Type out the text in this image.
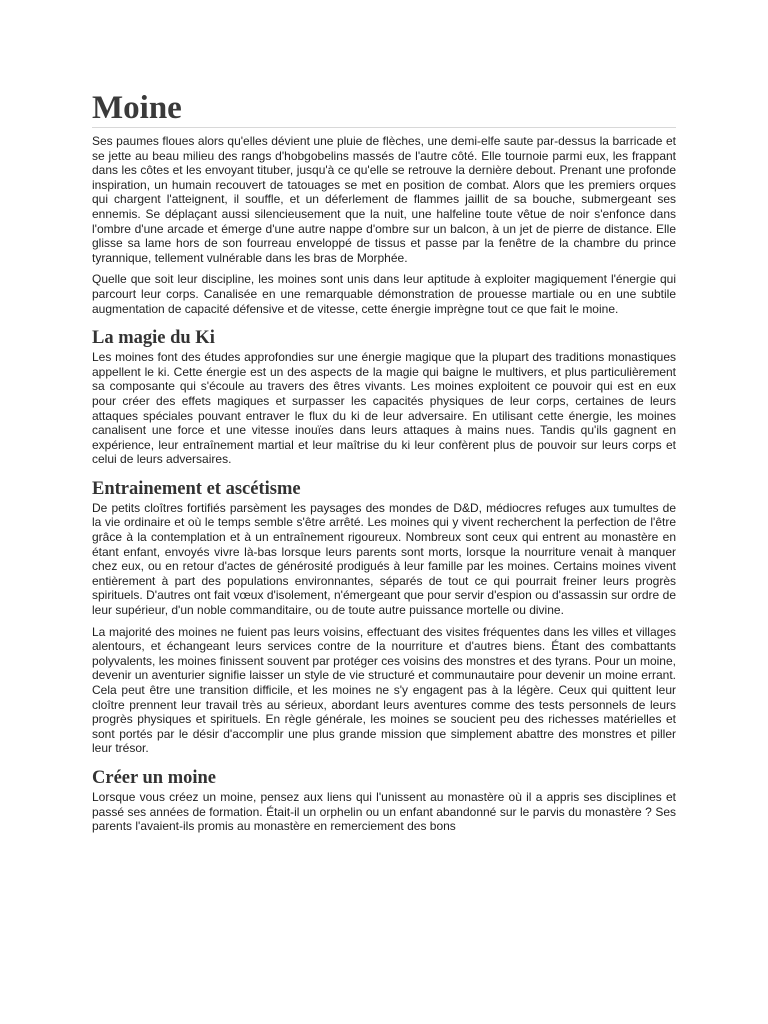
Moine

Ses paumes floues alors qu'elles dévient une pluie de flèches, une demi-elfe saute par-dessus la barricade et se jette au beau milieu des rangs d'hobgobelins massés de l'autre côté. Elle tournoie parmi eux, les frappant dans les côtes et les envoyant tituber, jusqu'à ce qu'elle se retrouve la dernière debout. Prenant une profonde inspiration, un humain recouvert de tatouages se met en position de combat. Alors que les premiers orques qui chargent l'atteignent, il souffle, et un déferlement de flammes jaillit de sa bouche, submergeant ses ennemis. Se déplaçant aussi silencieusement que la nuit, une halfeline toute vêtue de noir s'enfonce dans l'ombre d'une arcade et émerge d'une autre nappe d'ombre sur un balcon, à un jet de pierre de distance. Elle glisse sa lame hors de son fourreau enveloppé de tissus et passe par la fenêtre de la chambre du prince tyrannique, tellement vulnérable dans les bras de Morphée.

Quelle que soit leur discipline, les moines sont unis dans leur aptitude à exploiter magiquement l'énergie qui parcourt leur corps. Canalisée en une remarquable démonstration de prouesse martiale ou en une subtile augmentation de capacité défensive et de vitesse, cette énergie imprègne tout ce que fait le moine.

La magie du Ki

Les moines font des études approfondies sur une énergie magique que la plupart des traditions monastiques appellent le ki. Cette énergie est un des aspects de la magie qui baigne le multivers, et plus particulièrement sa composante qui s'écoule au travers des êtres vivants. Les moines exploitent ce pouvoir qui est en eux pour créer des effets magiques et surpasser les capacités physiques de leur corps, certaines de leurs attaques spéciales pouvant entraver le flux du ki de leur adversaire. En utilisant cette énergie, les moines canalisent une force et une vitesse inouïes dans leurs attaques à mains nues. Tandis qu'ils gagnent en expérience, leur entraînement martial et leur maîtrise du ki leur confèrent plus de pouvoir sur leurs corps et celui de leurs adversaires.

Entrainement et ascétisme

De petits cloîtres fortifiés parsèment les paysages des mondes de D&D, médiocres refuges aux tumultes de la vie ordinaire et où le temps semble s'être arrêté. Les moines qui y vivent recherchent la perfection de l'être grâce à la contemplation et à un entraînement rigoureux. Nombreux sont ceux qui entrent au monastère en étant enfant, envoyés vivre là-bas lorsque leurs parents sont morts, lorsque la nourriture venait à manquer chez eux, ou en retour d'actes de générosité prodigués à leur famille par les moines. Certains moines vivent entièrement à part des populations environnantes, séparés de tout ce qui pourrait freiner leurs progrès spirituels. D'autres ont fait vœux d'isolement, n'émergeant que pour servir d'espion ou d'assassin sur ordre de leur supérieur, d'un noble commanditaire, ou de toute autre puissance mortelle ou divine.

La majorité des moines ne fuient pas leurs voisins, effectuant des visites fréquentes dans les villes et villages alentours, et échangeant leurs services contre de la nourriture et d'autres biens. Étant des combattants polyvalents, les moines finissent souvent par protéger ces voisins des monstres et des tyrans. Pour un moine, devenir un aventurier signifie laisser un style de vie structuré et communautaire pour devenir un moine errant. Cela peut être une transition difficile, et les moines ne s'y engagent pas à la légère. Ceux qui quittent leur cloître prennent leur travail très au sérieux, abordant leurs aventures comme des tests personnels de leurs progrès physiques et spirituels. En règle générale, les moines se soucient peu des richesses matérielles et sont portés par le désir d'accomplir une plus grande mission que simplement abattre des monstres et piller leur trésor.

Créer un moine

Lorsque vous créez un moine, pensez aux liens qui l'unissent au monastère où il a appris ses disciplines et passé ses années de formation. Était-il un orphelin ou un enfant abandonné sur le parvis du monastère ? Ses parents l'avaient-ils promis au monastère en remerciement des bons
